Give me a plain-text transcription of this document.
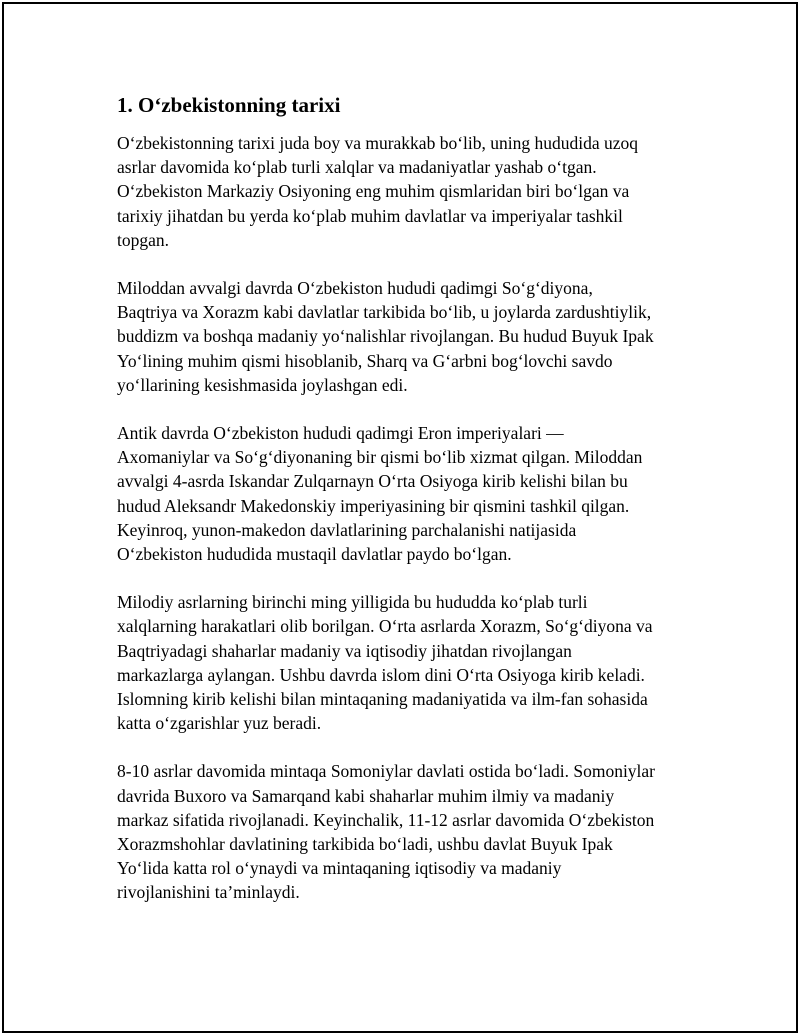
1. O‘zbekistonning tarixi

O‘zbekistonning tarixi juda boy va murakkab bo‘lib, uning hududida uzoq
asrlar davomida ko‘plab turli xalqlar va madaniyatlar yashab o‘tgan.
O‘zbekiston Markaziy Osiyoning eng muhim qismlaridan biri bo‘lgan va
tarixiy jihatdan bu yerda ko‘plab muhim davlatlar va imperiyalar tashkil
topgan.

Miloddan avvalgi davrda O‘zbekiston hududi qadimgi So‘g‘diyona,
Baqtriya va Xorazm kabi davlatlar tarkibida bo‘lib, u joylarda zardushtiylik,
buddizm va boshqa madaniy yo‘nalishlar rivojlangan. Bu hudud Buyuk Ipak
Yo‘lining muhim qismi hisoblanib, Sharq va G‘arbni bog‘lovchi savdo
yo‘llarining kesishmasida joylashgan edi.

Antik davrda O‘zbekiston hududi qadimgi Eron imperiyalari —
Axomaniylar va So‘g‘diyonaning bir qismi bo‘lib xizmat qilgan. Miloddan
avvalgi 4-asrda Iskandar Zulqarnayn O‘rta Osiyoga kirib kelishi bilan bu
hudud Aleksandr Makedonskiy imperiyasining bir qismini tashkil qilgan.
Keyinroq, yunon-makedon davlatlarining parchalanishi natijasida
O‘zbekiston hududida mustaqil davlatlar paydo bo‘lgan.

Milodiy asrlarning birinchi ming yilligida bu hududda ko‘plab turli
xalqlarning harakatlari olib borilgan. O‘rta asrlarda Xorazm, So‘g‘diyona va
Baqtriyadagi shaharlar madaniy va iqtisodiy jihatdan rivojlangan
markazlarga aylangan. Ushbu davrda islom dini O‘rta Osiyoga kirib keladi.
Islomning kirib kelishi bilan mintaqaning madaniyatida va ilm-fan sohasida
katta o‘zgarishlar yuz beradi.

8-10 asrlar davomida mintaqa Somoniylar davlati ostida bo‘ladi. Somoniylar
davrida Buxoro va Samarqand kabi shaharlar muhim ilmiy va madaniy
markaz sifatida rivojlanadi. Keyinchalik, 11-12 asrlar davomida O‘zbekiston
Xorazmshohlar davlatining tarkibida bo‘ladi, ushbu davlat Buyuk Ipak
Yo‘lida katta rol o‘ynaydi va mintaqaning iqtisodiy va madaniy
rivojlanishini ta’minlaydi.
